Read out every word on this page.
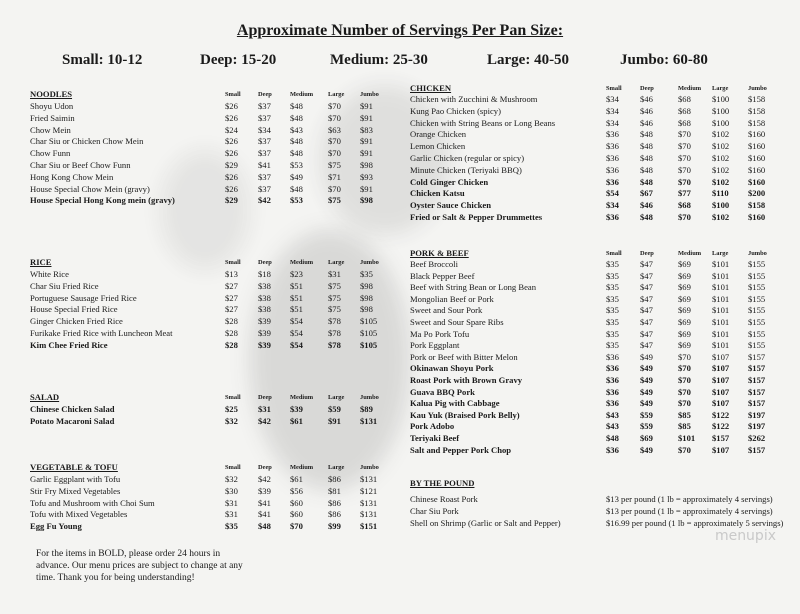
Approximate Number of Servings Per Pan Size:
Small: 10-12	Deep: 15-20	Medium: 25-30	Large: 40-50	Jumbo: 60-80
NOODLES	Small	Deep	Medium Large Jumbo
Shoyu Udon	$26 $37 $48	$70 $91
Fried Saimin	$26 $37 $48	$70 $91
Chow Mein	$24 $34 $43	$63 $83
Char Siu or Chicken Chow Mein	$26 $37 $48	$70 $91
Chow Funn	$26 $37 $48	$70 $91
Char Siu or Beef Chow Funn	$29 $41 $53	$75 $98
Hong Kong Chow Mein	$26 $37 $49	$71 $93
House Special Chow Mein (gravy)	$26 $37 $48	$70 $91
House Special Hong Kong mein (gravy)	$29 $42 $53	$75 $98
RICE	Small	Deep	Medium Large Jumbo
White Rice	$13 $18 $23	$31 $35
Char Siu Fried Rice	$27 $38 $51	$75 $98
Portuguese Sausage Fried Rice	$27 $38 $51	$75 $98
House Special Fried Rice	$27 $38 $51	$75 $98
Ginger Chicken Fried Rice	$28 $39 $54	$78 $105
Furikake Fried Rice with Luncheon Meat	$28 $39 $54	$78 $105
Kim Chee Fried Rice	$28 $39 $54	$78 $105
SALAD	Small	Deep	Medium Large Jumbo
Chinese Chicken Salad	$25 $31 $39	$59 $89
Potato Macaroni Salad	$32 $42 $61	$91 $131
VEGETABLE & TOFU	Small	Deep	Medium Large Jumbo
Garlic Eggplant with Tofu	$32 $42 $61	$86 $131
Stir Fry Mixed Vegetables	$30 $39 $56	$81 $121
Tofu and Mushroom with Choi Sum	$31 $41 $60	$86 $131
Tofu with Mixed Vegetables	$31 $41 $60	$86 $131
Egg Fu Young	$35 $48 $70	$99 $151
CHICKEN	Small	Deep	Medium Large	Jumbo
Chicken with Zucchini & Mushroom	$34 $46	$68 $100 $158
Kung Pao Chicken (spicy)	$34 $46	$68 $100 $158
Chicken with String Beans or Long Beans	$34 $46	$68 $100 $158
Orange Chicken	$36 $48	$70 $102 $160
Lemon Chicken	$36 $48	$70 $102 $160
Garlic Chicken (regular or spicy)	$36 $48	$70 $102 $160
Minute Chicken (Teriyaki BBQ)	$36 $48	$70 $102 $160
Cold Ginger Chicken	$36 $48	$70 $102 $160
Chicken Katsu	$54 $67	$77 $110 $200
Oyster Sauce Chicken	$34 $46	$68 $100 $158
Fried or Salt & Pepper Drummettes	$36 $48	$70 $102 $160
PORK & BEEF	Small	Deep	Medium Large	Jumbo
Beef Broccoli	$35 $47	$69 $101 $155
Black Pepper Beef	$35 $47	$69 $101 $155
Beef with String Bean or Long Bean	$35 $47	$69 $101 $155
Mongolian Beef or Pork	$35 $47	$69 $101 $155
Sweet and Sour Pork	$35 $47	$69 $101 $155
Sweet and Sour Spare Ribs	$35 $47	$69 $101 $155
Ma Po Pork Tofu	$35 $47	$69 $101 $155
Pork Eggplant	$35 $47	$69 $101 $155
Pork or Beef with Bitter Melon	$36 $49	$70 $107 $157
Okinawan Shoyu Pork	$36 $49	$70 $107 $157
Roast Pork with Brown Gravy	$36 $49	$70 $107 $157
Guava BBQ Pork	$36 $49	$70 $107 $157
Kalua Pig with Cabbage	$36 $49	$70 $107 $157
Kau Yuk (Braised Pork Belly)	$43 $59	$85 $122 $197
Pork Adobo	$43 $59	$85 $122 $197
Teriyaki Beef	$48 $69	$101 $157 $262
Salt and Pepper Pork Chop	$36 $49	$70 $107 $157
BY THE POUND
Chinese Roast Pork	$13 per pound (1 lb = approximately 4 servings)
Char Siu Pork	$13 per pound (1 lb = approximately 4 servings)
Shell on Shrimp (Garlic or Salt and Pepper)	$16.99 per pound (1 lb = approximately 5 servings)
For the items in BOLD, please order 24 hours in advance. Our menu prices are subject to change at any time. Thank you for being understanding!
menupix
